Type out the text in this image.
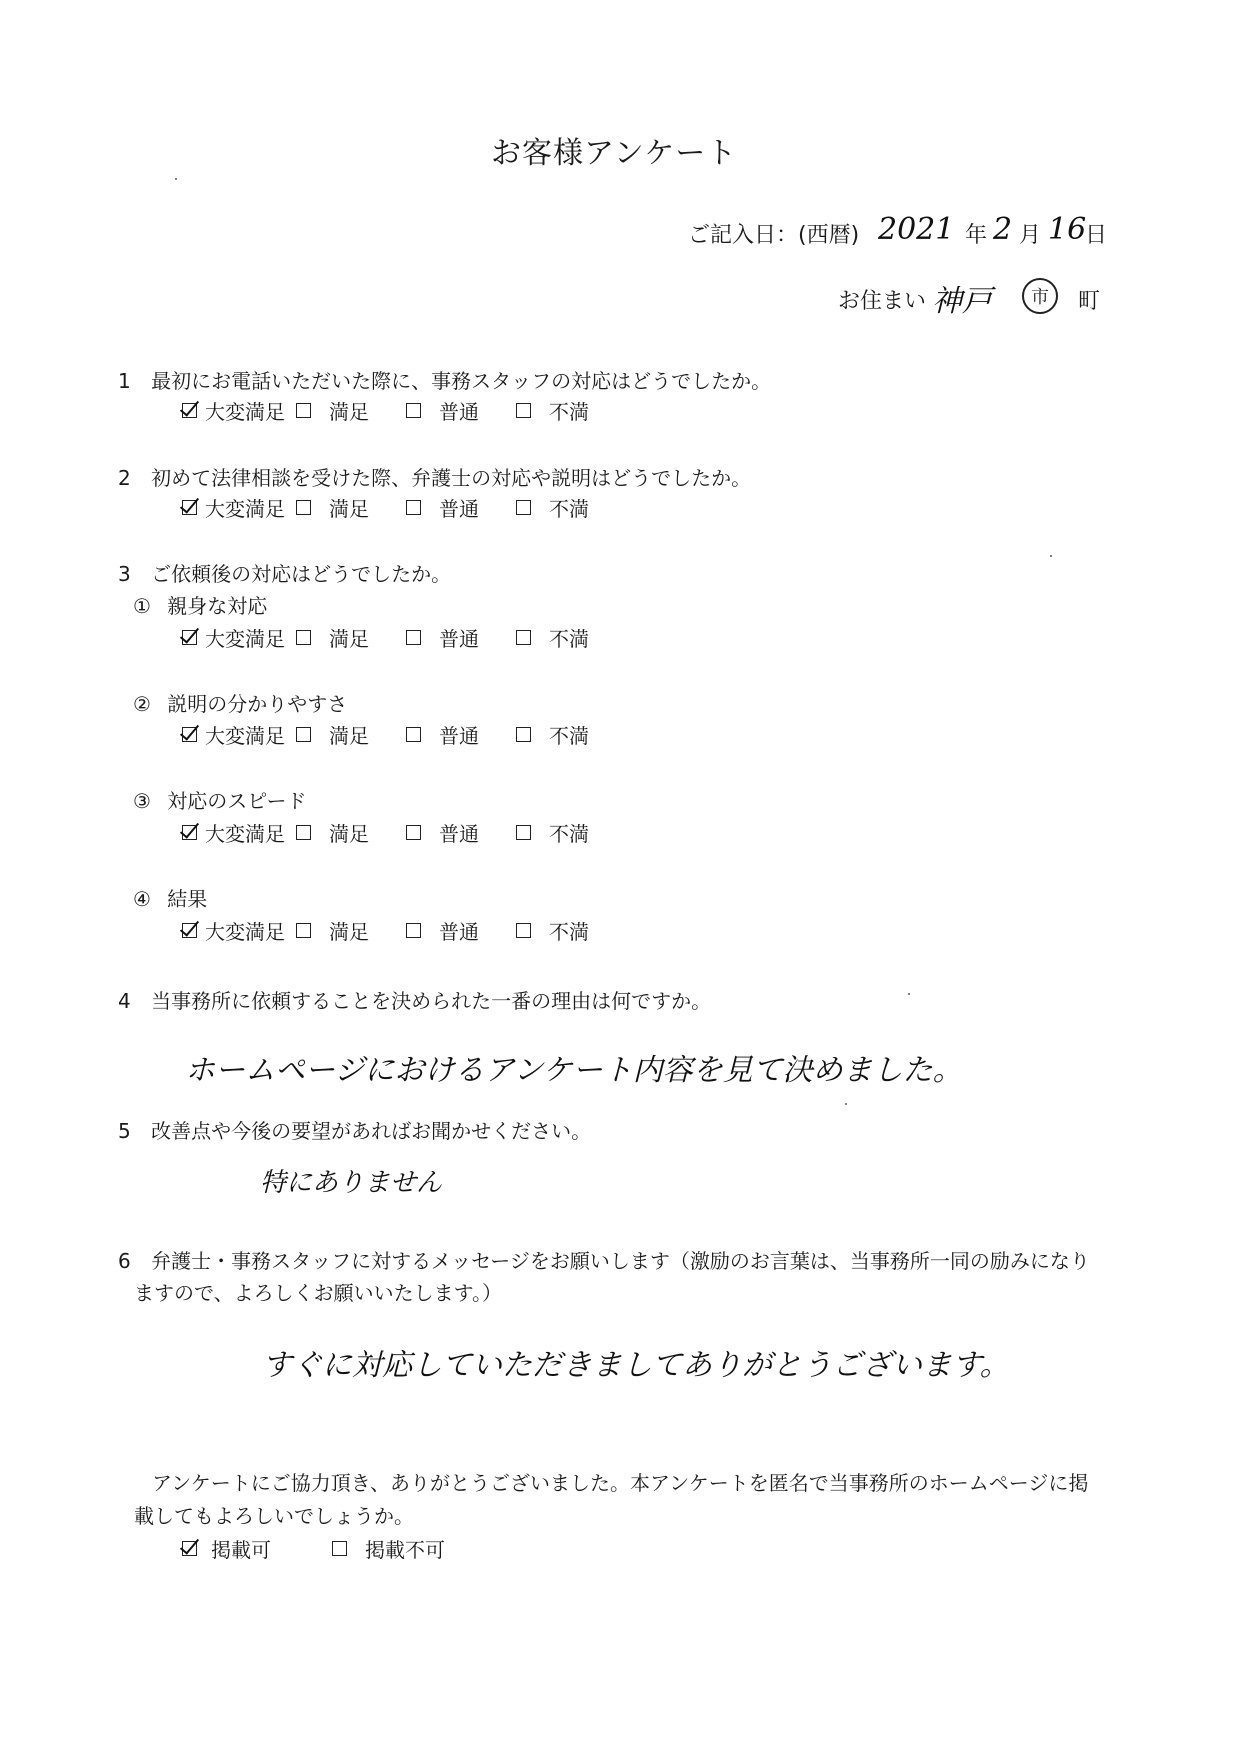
お客様アンケート
ご記入日：(西暦) 2021 年 2 月 16
日
お住まい 神戸	市	町
1 最初にお電話いただいた際に、事務スタッフの対応はどうでしたか。
大変満足 満足	普通	不満
2 初めて法律相談を受けた際、弁護士の対応や説明はどうでしたか。
大変満足 満足	普通	不満
3 ご依頼後の対応はどうでしたか。
① 親身な対応
大変満足 満足	普通	不満
② 説明の分かりやすさ
大変満足 満足	普通	不満
③ 対応のスピード
大変満足 満足	普通	不満
④ 結果
大変満足 満足	普通	不満
4 当事務所に依頼することを決められた一番の理由は何ですか。
ホームページにおけるアンケート内容を見て決めました。
5 改善点や今後の要望があればお聞かせください。
特にありません
6 弁護士・事務スタッフに対するメッセージをお願いします（激励のお言葉は、当事務所一同の励みになり
ますので、よろしくお願いいたします。）
すぐに対応していただきましてありがとうございます。
アンケートにご協力頂き、ありがとうございました。本アンケートを匿名で当事務所のホームページに掲
載してもよろしいでしょうか。
掲載可	掲載不可
